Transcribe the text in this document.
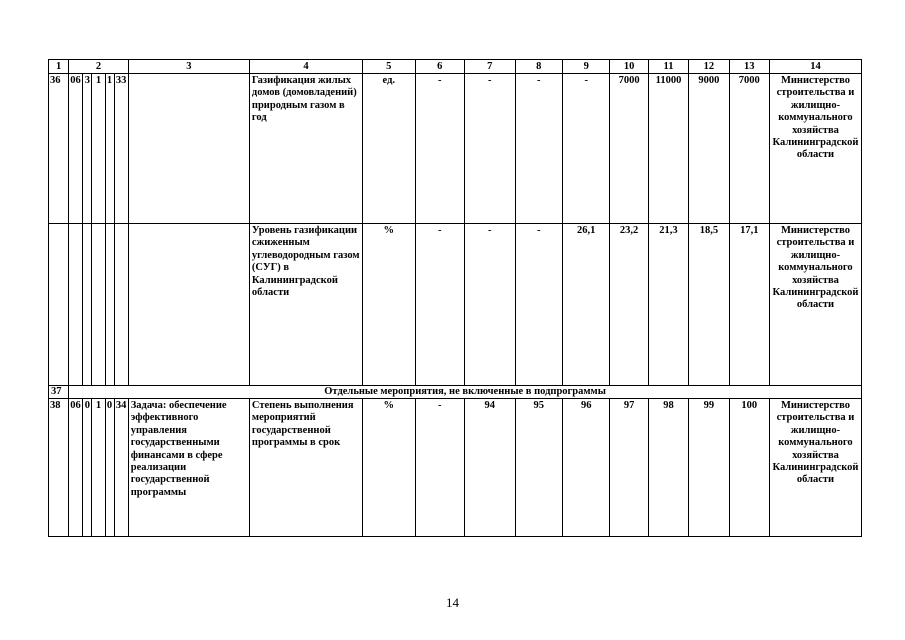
1	2					3	4	5	6	7	8	9	10	11	12	13	14
36	06	3	1	1	33		Газификация жилых домов (домовладений) природным газом в год	ед.	-	-	-	-	7000	11000	9000	7000	Министерство строительства и жилищно-коммунального хозяйства Калининградской области
							Уровень газификации сжиженным углеводородным газом (СУГ) в Калининградской области	%	-	-	-	26,1	23,2	21,3	18,5	17,1	Министерство строительства и жилищно-коммунального хозяйства Калининградской области
37	Отдельные мероприятия, не включенные в подпрограммы																
38	06	0	1	0	34	Задача: обеспечение эффективного управления государственными финансами в сфере реализации государственной программы	Степень выполнения мероприятий государственной программы в срок	%	-	94	95	96	97	98	99	100	Министерство строительства и жилищно-коммунального хозяйства Калининградской области
14
